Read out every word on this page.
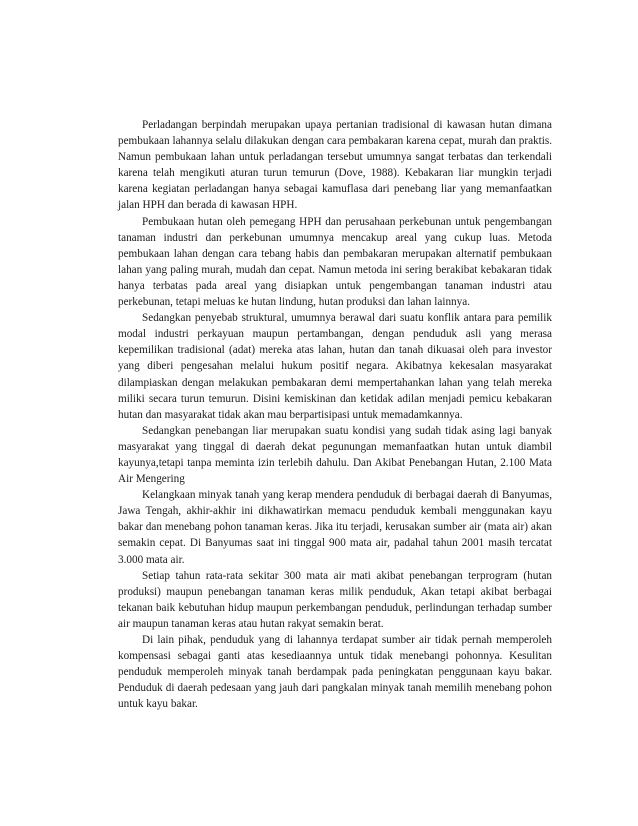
Perladangan berpindah merupakan upaya pertanian tradisional di kawasan hutan dimana pembukaan lahannya selalu dilakukan dengan cara pembakaran karena cepat, murah dan praktis. Namun pembukaan lahan untuk perladangan tersebut umumnya sangat terbatas dan terkendali karena telah mengikuti aturan turun temurun (Dove, 1988). Kebakaran liar mungkin terjadi karena kegiatan perladangan hanya sebagai kamuflasa dari penebang liar yang memanfaatkan jalan HPH dan berada di kawasan HPH.

Pembukaan hutan oleh pemegang HPH dan perusahaan perkebunan untuk pengembangan tanaman industri dan perkebunan umumnya mencakup areal yang cukup luas. Metoda pembukaan lahan dengan cara tebang habis dan pembakaran merupakan alternatif pembukaan lahan yang paling murah, mudah dan cepat. Namun metoda ini sering berakibat kebakaran tidak hanya terbatas pada areal yang disiapkan untuk pengembangan tanaman industri atau perkebunan, tetapi meluas ke hutan lindung, hutan produksi dan lahan lainnya.

Sedangkan penyebab struktural, umumnya berawal dari suatu konflik antara para pemilik modal industri perkayuan maupun pertambangan, dengan penduduk asli yang merasa kepemilikan tradisional (adat) mereka atas lahan, hutan dan tanah dikuasai oleh para investor yang diberi pengesahan melalui hukum positif negara. Akibatnya kekesalan masyarakat dilampiaskan dengan melakukan pembakaran demi mempertahankan lahan yang telah mereka miliki secara turun temurun. Disini kemiskinan dan ketidak adilan menjadi pemicu kebakaran hutan dan masyarakat tidak akan mau berpartisipasi untuk memadamkannya.

Sedangkan penebangan liar merupakan suatu kondisi yang sudah tidak asing lagi banyak masyarakat yang tinggal di daerah dekat pegunungan memanfaatkan hutan untuk diambil kayunya,tetapi tanpa meminta izin terlebih dahulu. Dan Akibat Penebangan Hutan, 2.100 Mata Air Mengering

Kelangkaan minyak tanah yang kerap mendera penduduk di berbagai daerah di Banyumas, Jawa Tengah, akhir-akhir ini dikhawatirkan memacu penduduk kembali menggunakan kayu bakar dan menebang pohon tanaman keras. Jika itu terjadi, kerusakan sumber air (mata air) akan semakin cepat. Di Banyumas saat ini tinggal 900 mata air, padahal tahun 2001 masih tercatat 3.000 mata air.

Setiap tahun rata-rata sekitar 300 mata air mati akibat penebangan terprogram (hutan produksi) maupun penebangan tanaman keras milik penduduk, Akan tetapi akibat berbagai tekanan baik kebutuhan hidup maupun perkembangan penduduk, perlindungan terhadap sumber air maupun tanaman keras atau hutan rakyat semakin berat.

Di lain pihak, penduduk yang di lahannya terdapat sumber air tidak pernah memperoleh kompensasi sebagai ganti atas kesediaannya untuk tidak menebangi pohonnya. Kesulitan penduduk memperoleh minyak tanah berdampak pada peningkatan penggunaan kayu bakar. Penduduk di daerah pedesaan yang jauh dari pangkalan minyak tanah memilih menebang pohon untuk kayu bakar.
